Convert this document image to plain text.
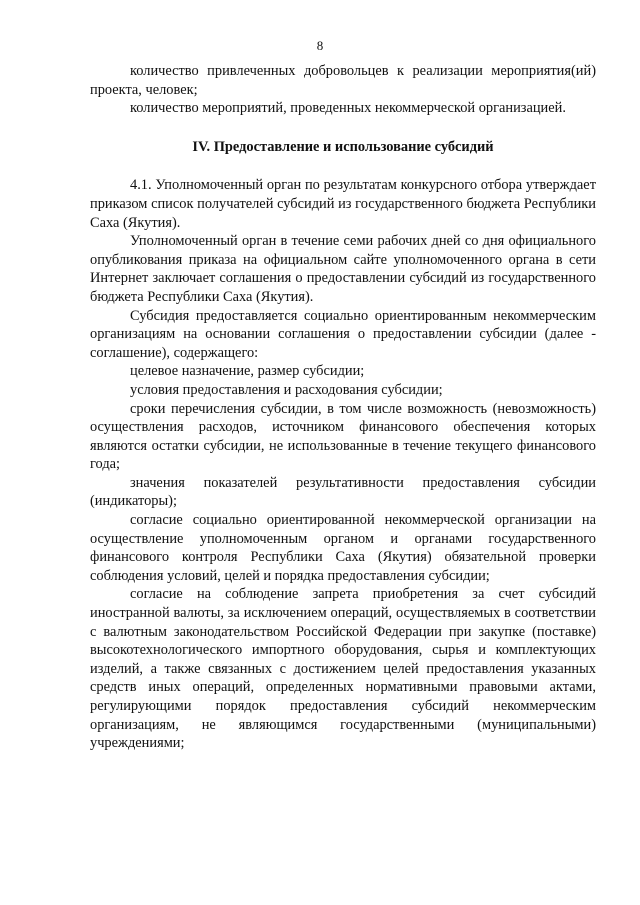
8

количество привлеченных добровольцев к реализации мероприятия(ий) проекта, человек;

количество мероприятий, проведенных некоммерческой организацией.

IV. Предоставление и использование субсидий

4.1. Уполномоченный орган по результатам конкурсного отбора утверждает приказом список получателей субсидий из государственного бюджета Республики Саха (Якутия).

Уполномоченный орган в течение семи рабочих дней со дня официального опубликования приказа на официальном сайте уполномоченного органа в сети Интернет заключает соглашения о предоставлении субсидий из государственного бюджета Республики Саха (Якутия).

Субсидия предоставляется социально ориентированным некоммерческим организациям на основании соглашения о предоставлении субсидии (далее - соглашение), содержащего:

целевое назначение, размер субсидии;

условия предоставления и расходования субсидии;

сроки перечисления субсидии, в том числе возможность (невозможность) осуществления расходов, источником финансового обеспечения которых являются остатки субсидии, не использованные в течение текущего финансового года;

значения показателей результативности предоставления субсидии (индикаторы);

согласие социально ориентированной некоммерческой организации на осуществление уполномоченным органом и органами государственного финансового контроля Республики Саха (Якутия) обязательной проверки соблюдения условий, целей и порядка предоставления субсидии;

согласие на соблюдение запрета приобретения за счет субсидий иностранной валюты, за исключением операций, осуществляемых в соответствии с валютным законодательством Российской Федерации при закупке (поставке) высокотехнологического импортного оборудования, сырья и комплектующих изделий, а также связанных с достижением целей предоставления указанных средств иных операций, определенных нормативными правовыми актами, регулирующими порядок предоставления субсидий некоммерческим организациям, не являющимся государственными (муниципальными) учреждениями;
